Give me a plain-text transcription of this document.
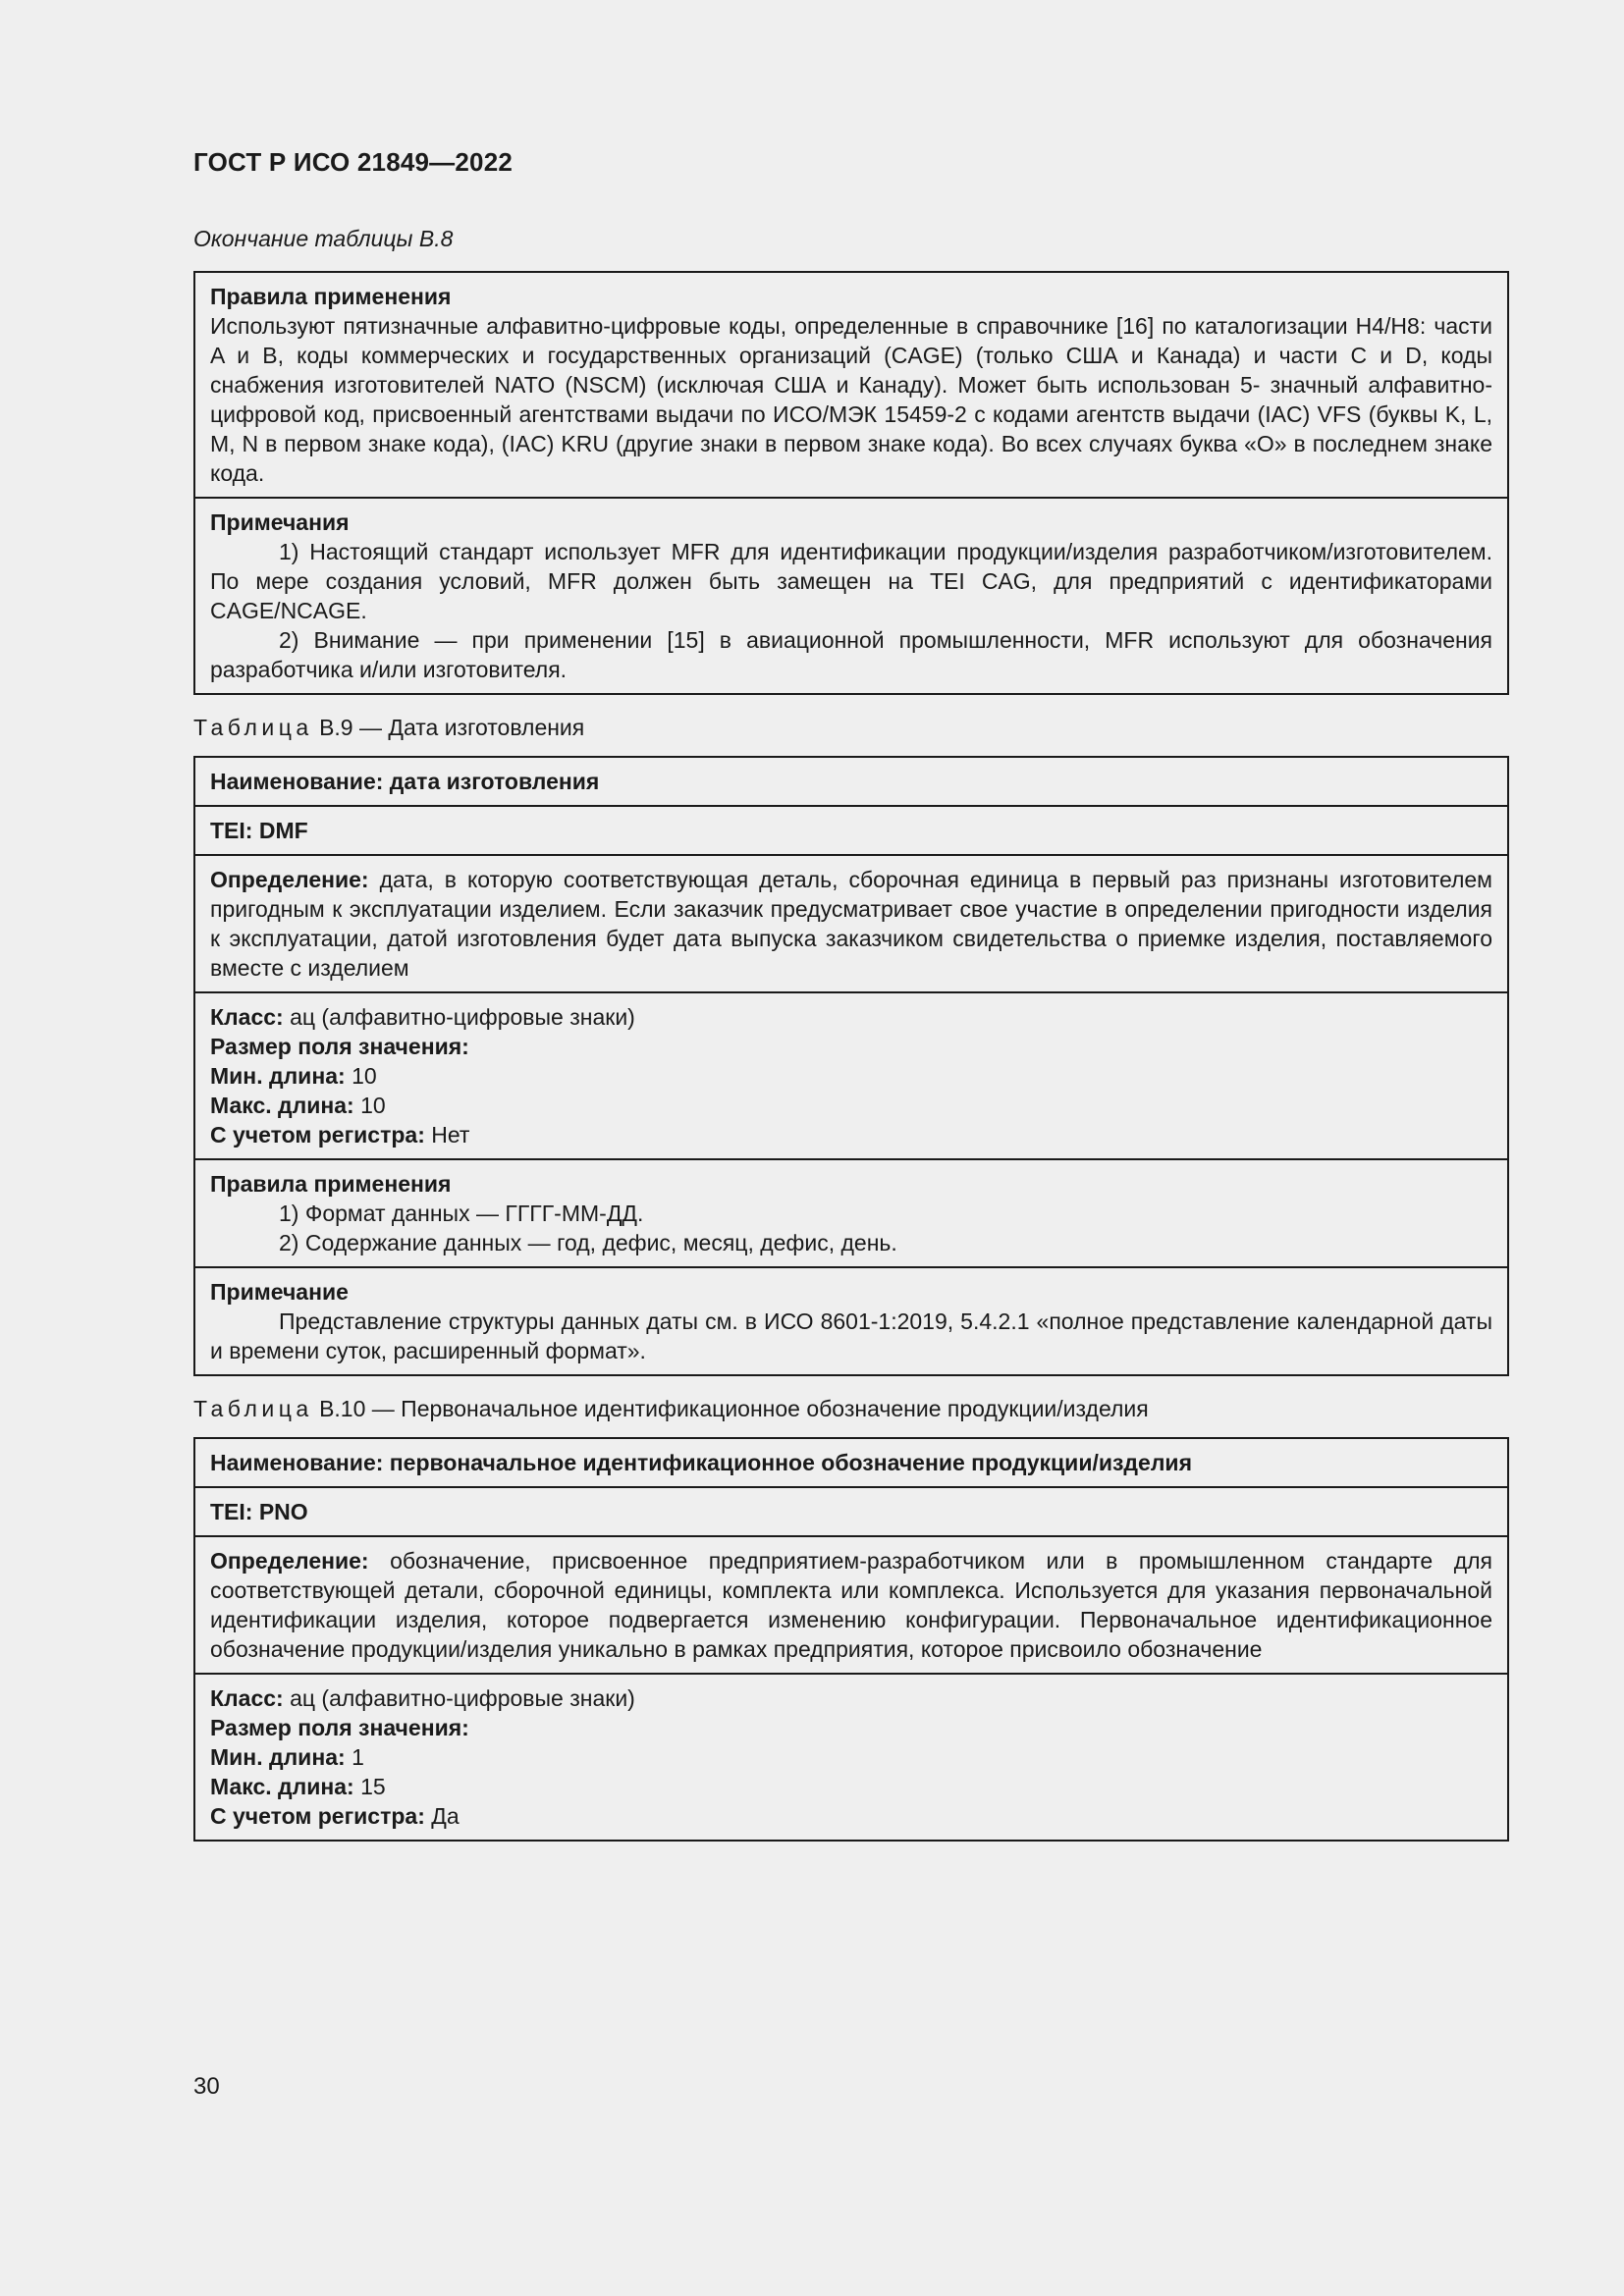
ГОСТ Р ИСО 21849—2022
Окончание таблицы В.8
Правила применения
Используют пятизначные алфавитно-цифровые коды, определенные в справочнике [16] по каталогизации H4/H8: части A и B, коды коммерческих и государственных организаций (CAGE) (только США и Канада) и части C и D, коды снабжения изготовителей NATO (NSCM) (исключая США и Канаду). Может быть использован 5- значный алфавитно-цифровой код, присвоенный агентствами выдачи по ИСО/МЭК 15459-2 с кодами агентств выдачи (IAC) VFS (буквы K, L, M, N в первом знаке кода), (IAC) KRU (другие знаки в первом знаке кода). Во всех случаях буква «O» в последнем знаке кода.
Примечания
1) Настоящий стандарт использует MFR для идентификации продукции/изделия разработчиком/изготовителем. По мере создания условий, MFR должен быть замещен на TEI CAG, для предприятий с идентификаторами CAGE/NCAGE.
2) Внимание — при применении [15] в авиационной промышленности, MFR используют для обозначения разработчика и/или изготовителя.
Таблица В.9 — Дата изготовления
Наименование: дата изготовления
TEI: DMF
Определение: дата, в которую соответствующая деталь, сборочная единица в первый раз признаны изготовителем пригодным к эксплуатации изделием. Если заказчик предусматривает свое участие в определении пригодности изделия к эксплуатации, датой изготовления будет дата выпуска заказчиком свидетельства о приемке изделия, поставляемого вместе с изделием
Класс: ац (алфавитно-цифровые знаки)
Размер поля значения:
Мин. длина: 10
Макс. длина: 10
С учетом регистра: Нет
Правила применения
1) Формат данных — ГГГГ-ММ-ДД.
2) Содержание данных — год, дефис, месяц, дефис, день.
Примечание
Представление структуры данных даты см. в ИСО 8601-1:2019, 5.4.2.1 «полное представление календарной даты и времени суток, расширенный формат».
Таблица В.10 — Первоначальное идентификационное обозначение продукции/изделия
Наименование: первоначальное идентификационное обозначение продукции/изделия
TEI: PNO
Определение: обозначение, присвоенное предприятием-разработчиком или в промышленном стандарте для соответствующей детали, сборочной единицы, комплекта или комплекса. Используется для указания первоначальной идентификации изделия, которое подвергается изменению конфигурации. Первоначальное идентификационное обозначение продукции/изделия уникально в рамках предприятия, которое присвоило обозначение
Класс: ац (алфавитно-цифровые знаки)
Размер поля значения:
Мин. длина: 1
Макс. длина: 15
С учетом регистра: Да
30
